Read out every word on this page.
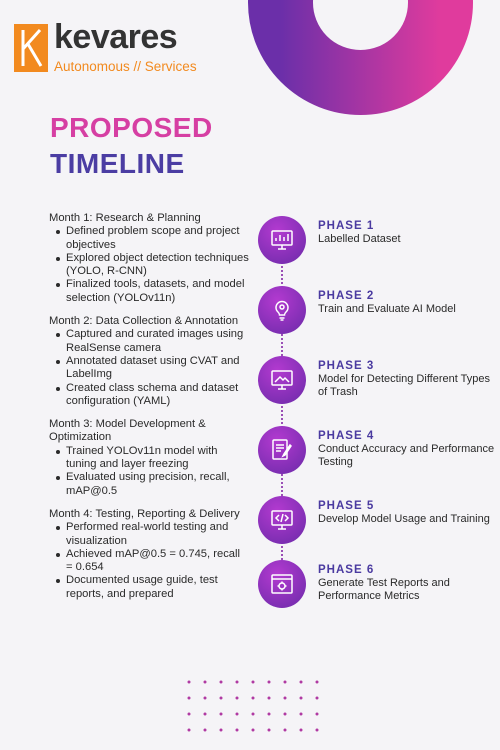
kevares
Autonomous // Services
PROPOSED
TIMELINE

Month 1: Research & Planning

Defined problem scope and project objectives
Explored object detection techniques (YOLO, R-CNN)
Finalized tools, datasets, and model selection (YOLOv11n)

Month 2: Data Collection & Annotation

Captured and curated images using RealSense camera
Annotated dataset using CVAT and LabelImg
Created class schema and dataset configuration (YAML)

Month 3: Model Development & Optimization

Trained YOLOv11n model with tuning and layer freezing
Evaluated using precision, recall, mAP@0.5

Month 4: Testing, Reporting & Delivery

Performed real-world testing and visualization
Achieved mAP@0.5 = 0.745, recall = 0.654
Documented usage guide, test reports, and prepared
PHASE 1
Labelled Dataset
PHASE 2
Train and Evaluate AI Model
PHASE 3
Model for Detecting Different Types of Trash
PHASE 4
Conduct Accuracy and Performance Testing
PHASE 5
Develop Model Usage and Training
PHASE 6
Generate Test Reports and Performance Metrics
